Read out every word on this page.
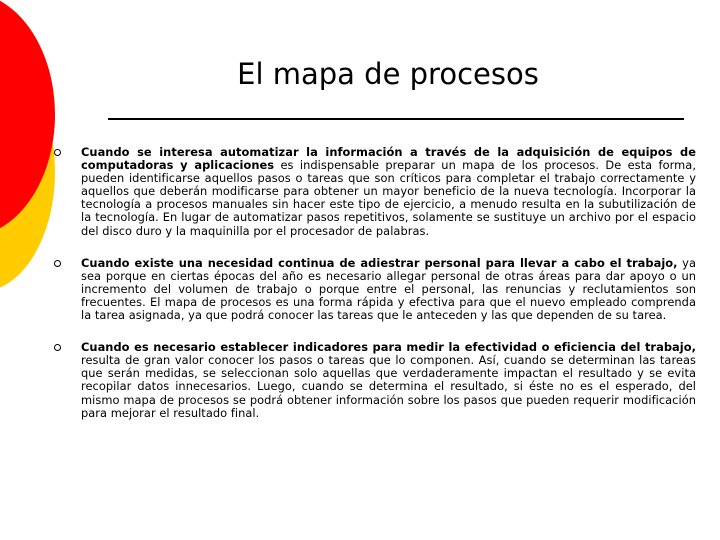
El mapa de procesos
Cuando se interesa automatizar la información a través de la adquisición de equipos de computadoras y aplicaciones es indispensable preparar un mapa de los procesos. De esta forma, pueden identificarse aquellos pasos o tareas que son críticos para completar el trabajo correctamente y aquellos que deberán modificarse para obtener un mayor beneficio de la nueva tecnología. Incorporar la tecnología a procesos manuales sin hacer este tipo de ejercicio, a menudo resulta en la subutilización de la tecnología. En lugar de automatizar pasos repetitivos, solamente se sustituye un archivo por el espacio del disco duro y la maquinilla por el procesador de palabras.
Cuando existe una necesidad continua de adiestrar personal para llevar a cabo el trabajo, ya sea porque en ciertas épocas del año es necesario allegar personal de otras áreas para dar apoyo o un incremento del volumen de trabajo o porque entre el personal, las renuncias y reclutamientos son frecuentes. El mapa de procesos es una forma rápida y efectiva para que el nuevo empleado comprenda la tarea asignada, ya que podrá conocer las tareas que le anteceden y las que dependen de su tarea.
Cuando es necesario establecer indicadores para medir la efectividad o eficiencia del trabajo, resulta de gran valor conocer los pasos o tareas que lo componen. Así, cuando se determinan las tareas que serán medidas, se seleccionan solo aquellas que verdaderamente impactan el resultado y se evita recopilar datos innecesarios. Luego, cuando se determina el resultado, si éste no es el esperado, del mismo mapa de procesos se podrá obtener información sobre los pasos que pueden requerir modificación para mejorar el resultado final.
